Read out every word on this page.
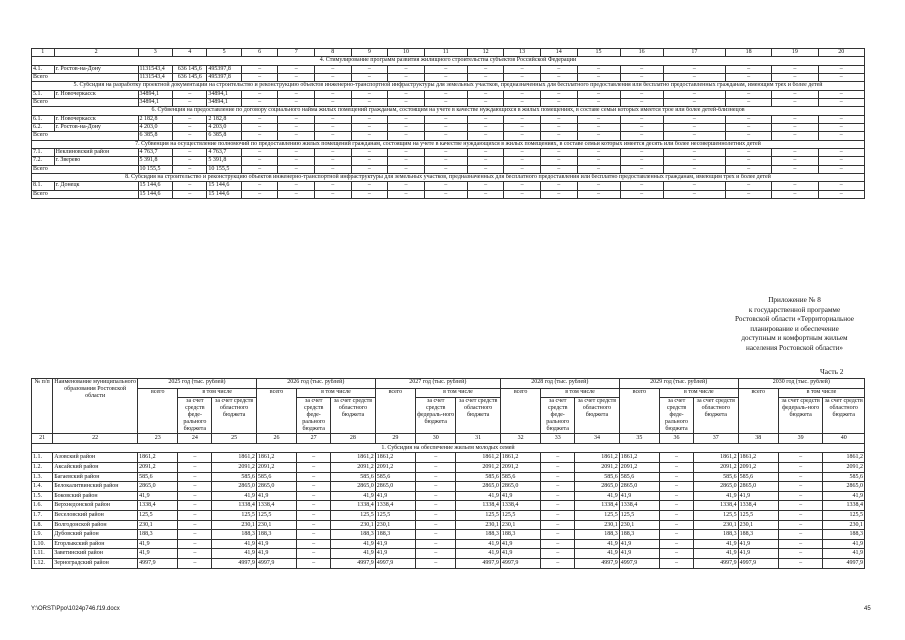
1	2	3	4	5	6	7	8	9	10	11	12	13	14	15	16	17	18	19	20
4. Стимулирование программ развития жилищного строительства субъектов Российской Федерации																			
4.1.	г. Ростов-на-Дону	1131543,4	636 145,6	495397,8	–	–	–	–	–	–	–	–	–	–	–	–	–	–	–
Всего		1131543,4	636 145,6	495397,8	–	–	–	–	–	–	–	–	–	–	–	–	–	–	–
5. Субсидия на разработку проектной документации на строительство и реконструкцию объектов инженерно-транспортной инфраструктуры для земельных участков, предназначенных для бесплатного предоставления или бесплатно предоставленных гражданам, имеющим трех и более детей																			
5.1.	г. Новочеркасск	34894,1	–	34894,1	–	–	–	–	–	–	–	–	–	–	–	–	–	–	–
Всего		34894,1	–	34894,1	–	–	–	–	–	–	–	–	–	–	–	–	–	–	–
6. Субвенция на предоставление по договору социального найма жилых помещений гражданам, состоящим на учете в качестве нуждающихся в жилых помещениях, в составе семьи которых имеется трое или более детей-близнецов																			
6.1.	г. Новочеркасск	2 182,8	–	2 182,8	–	–	–	–	–	–	–	–	–	–	–	–	–	–	–
6.2.	г. Ростов-на-Дону	4 203,0	–	4 203,0	–	–	–	–	–	–	–	–	–	–	–	–	–	–	–
Всего		6 385,8	–	6 385,8	–	–	–	–	–	–	–	–	–	–	–	–	–	–	–
7. Субвенция на осуществление полномочий по предоставлению жилых помещений гражданам, состоящим на учете в качестве нуждающихся в жилых помещениях, в составе семьи которых имеется десять или более несовершеннолетних детей																			
7.1.	Неклиновский район	4 763,7	–	4 763,7	–	–	–	–	–	–	–	–	–	–	–	–	–	–	–
7.2.	г. Зверево	5 391,8	–	5 391,8	–	–	–	–	–	–	–	–	–	–	–	–	–	–	–
Всего		10 155,5	–	10 155,5	–	–	–	–	–	–	–	–	–	–	–	–	–	–	–
8. Субсидия на строительство и реконструкцию объектов инженерно-транспортной инфраструктуры для земельных участков, предназначенных для бесплатного предоставления или бесплатно предоставленных гражданам, имеющим трех и более детей																			
8.1.	г. Донецк	15 144,6	–	15 144,6	–	–	–	–	–	–	–	–	–	–	–	–	–	–	–
Всего		15 144,6	–	15 144,6	–	–	–	–	–	–	–	–	–	–	–	–	–	–	–
Приложение № 8
к государственной программе
Ростовской области «Территориальное
планирование и обеспечение
доступным и комфортным жильем
населения Ростовской области»
Часть 2
№ п/п	Наименование муниципального образования Ростовской области	2025 год (тыс. рублей)			2026 год (тыс. рублей)			2027 год (тыс. рублей)			2028 год (тыс. рублей)			2029 год (тыс. рублей)			2030 год (тыс. рублей)		
		всего	в том числе		всего	в том числе		всего	в том числе		всего	в том числе		всего	в том числе		всего	в том числе	
			за счет средств феде-рального бюджета	за счет средств областного бюджета		за счет средств феде-рального бюджета	за счет средств областного бюджета		за счет средств федераль-ного бюджета	за счет средств областного бюджета		за счет средств феде-рального бюджета	за счет средств областного бюджета		за счет средств феде-рального бюджета	за счет средств областного бюджета		за счет средств федераль-ного бюджета	за счет средств областного бюджета
21	22	23	24	25	26	27	28	29	30	31	32	33	34	35	36	37	38	39	40
1. Субсидия на обеспечение жильем молодых семей																			
1.1.	Азовский район	1861,2	–	1861,2	1861,2	–	1861,2	1861,2	–	1861,2	1861,2	–	1861,2	1861,2	–	1861,2	1861,2	–	1861,2
1.2.	Аксайский район	2091,2	–	2091,2	2091,2	–	2091,2	2091,2	–	2091,2	2091,2	–	2091,2	2091,2	–	2091,2	2091,2	–	2091,2
1.3.	Багаевский район	585,6	–	585,6	585,6	–	585,6	585,6	–	585,6	585,6	–	585,6	585,6	–	585,6	585,6	–	585,6
1.4.	Белокалитвинский район	2865,0	–	2865,0	2865,0	–	2865,0	2865,0	–	2865,0	2865,0	–	2865,0	2865,0	–	2865,0	2865,0	–	2865,0
1.5.	Боковский район	41,9	–	41,9	41,9	–	41,9	41,9	–	41,9	41,9	–	41,9	41,9	–	41,9	41,9	–	41,9
1.6.	Верхнедонской район	1338,4	–	1338,4	1338,4	–	1338,4	1338,4	–	1338,4	1338,4	–	1338,4	1338,4	–	1338,4	1338,4	–	1338,4
1.7.	Веселовский район	125,5	–	125,5	125,5	–	125,5	125,5	–	125,5	125,5	–	125,5	125,5	–	125,5	125,5	–	125,5
1.8.	Волгодонской район	230,1	–	230,1	230,1	–	230,1	230,1	–	230,1	230,1	–	230,1	230,1	–	230,1	230,1	–	230,1
1.9.	Дубовский район	188,3	–	188,3	188,3	–	188,3	188,3	–	188,3	188,3	–	188,3	188,3	–	188,3	188,3	–	188,3
1.10.	Егорлыкский район	41,9	–	41,9	41,9	–	41,9	41,9	–	41,9	41,9	–	41,9	41,9	–	41,9	41,9	–	41,9
1.11.	Заветинский район	41,9	–	41,9	41,9	–	41,9	41,9	–	41,9	41,9	–	41,9	41,9	–	41,9	41,9	–	41,9
1.12.	Зерноградский район	4997,9	–	4997,9	4997,9	–	4997,9	4997,9	–	4997,9	4997,9	–	4997,9	4997,9	–	4997,9	4997,9	–	4997,9
Y:\ORST\Ppo\1024p746.f19.docx	45
